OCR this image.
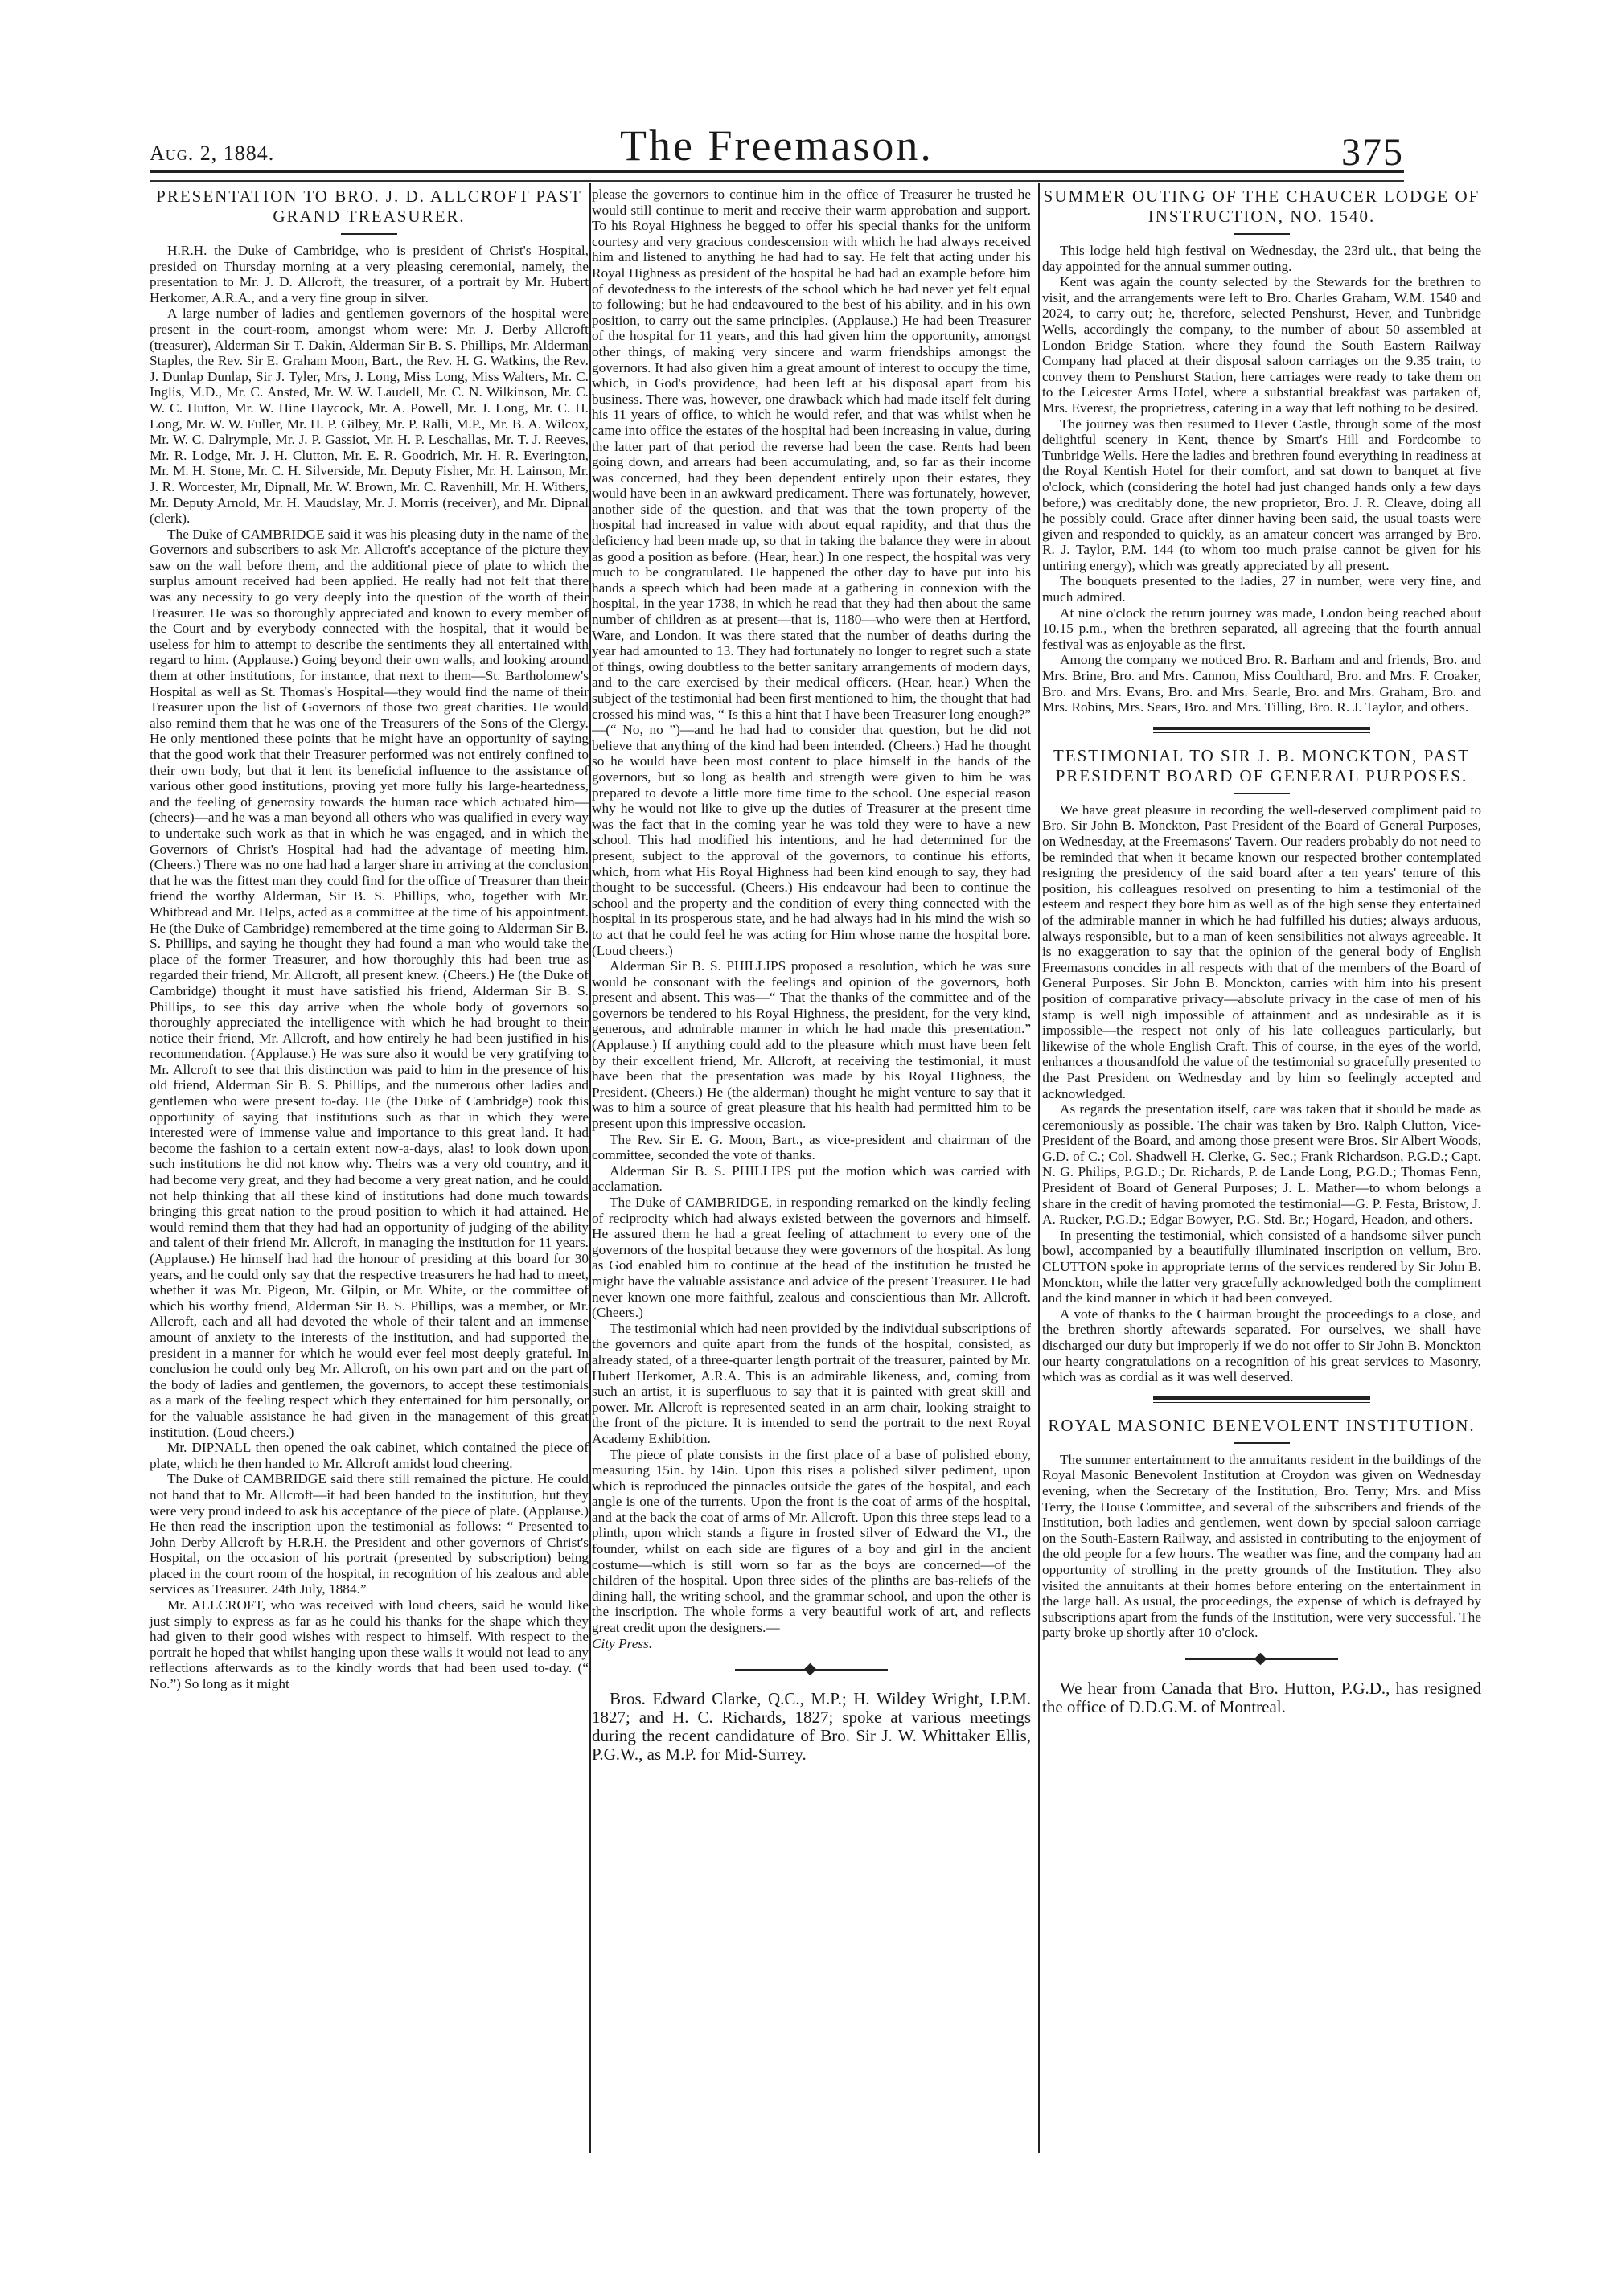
Aug. 2, 1884.	The Freemason.	375
PRESENTATION TO BRO. J. D. ALLCROFT PAST GRAND TREASURER.

H.R.H. the Duke of Cambridge, who is president of Christ's Hospital, presided on Thursday morning at a very pleasing ceremonial, namely, the presentation to Mr. J. D. Allcroft, the treasurer, of a portrait by Mr. Hubert Herkomer, A.R.A., and a very fine group in silver.

A large number of ladies and gentlemen governors of the hospital were present in the court-room, amongst whom were: Mr. J. Derby Allcroft (treasurer), Alderman Sir T. Dakin, Alderman Sir B. S. Phillips, Mr. Alderman Staples, the Rev. Sir E. Graham Moon, Bart., the Rev. H. G. Watkins, the Rev. J. Dunlap Dunlap, Sir J. Tyler, Mrs, J. Long, Miss Long, Miss Walters, Mr. C. Inglis, M.D., Mr. C. Ansted, Mr. W. W. Laudell, Mr. C. N. Wilkinson, Mr. C. W. C. Hutton, Mr. W. Hine Haycock, Mr. A. Powell, Mr. J. Long, Mr. C. H. Long, Mr. W. W. Fuller, Mr. H. P. Gilbey, Mr. P. Ralli, M.P., Mr. B. A. Wilcox, Mr. W. C. Dalrymple, Mr. J. P. Gassiot, Mr. H. P. Leschallas, Mr. T. J. Reeves, Mr. R. Lodge, Mr. J. H. Clutton, Mr. E. R. Goodrich, Mr. H. R. Everington, Mr. M. H. Stone, Mr. C. H. Silverside, Mr. Deputy Fisher, Mr. H. Lainson, Mr. J. R. Worcester, Mr, Dipnall, Mr. W. Brown, Mr. C. Ravenhill, Mr. H. Withers, Mr. Deputy Arnold, Mr. H. Maudslay, Mr. J. Morris (receiver), and Mr. Dipnal (clerk).

The Duke of CAMBRIDGE said it was his pleasing duty in the name of the Governors and subscribers to ask Mr. Allcroft's acceptance of the picture they saw on the wall before them, and the additional piece of plate to which the surplus amount received had been applied. He really had not felt that there was any necessity to go very deeply into the question of the worth of their Treasurer. He was so thoroughly appreciated and known to every member of the Court and by everybody connected with the hospital, that it would be useless for him to attempt to describe the sentiments they all entertained with regard to him. (Applause.) Going beyond their own walls, and looking around them at other institutions, for instance, that next to them—St. Bartholomew's Hospital as well as St. Thomas's Hospital—they would find the name of their Treasurer upon the list of Governors of those two great charities. He would also remind them that he was one of the Treasurers of the Sons of the Clergy. He only mentioned these points that he might have an opportunity of saying that the good work that their Treasurer performed was not entirely confined to their own body, but that it lent its beneficial influence to the assistance of various other good institutions, proving yet more fully his large-heartedness, and the feeling of generosity towards the human race which actuated him—(cheers)—and he was a man beyond all others who was qualified in every way to undertake such work as that in which he was engaged, and in which the Governors of Christ's Hospital had had the advantage of meeting him. (Cheers.) There was no one had had a larger share in arriving at the conclusion that he was the fittest man they could find for the office of Treasurer than their friend the worthy Alderman, Sir B. S. Phillips, who, together with Mr. Whitbread and Mr. Helps, acted as a committee at the time of his appointment. He (the Duke of Cambridge) remembered at the time going to Alderman Sir B. S. Phillips, and saying he thought they had found a man who would take the place of the former Treasurer, and how thoroughly this had been true as regarded their friend, Mr. Allcroft, all present knew. (Cheers.) He (the Duke of Cambridge) thought it must have satisfied his friend, Alderman Sir B. S. Phillips, to see this day arrive when the whole body of governors so thoroughly appreciated the intelligence with which he had brought to their notice their friend, Mr. Allcroft, and how entirely he had been justified in his recommendation. (Applause.) He was sure also it would be very gratifying to Mr. Allcroft to see that this distinction was paid to him in the presence of his old friend, Alderman Sir B. S. Phillips, and the numerous other ladies and gentlemen who were present to-day. He (the Duke of Cambridge) took this opportunity of saying that institutions such as that in which they were interested were of immense value and importance to this great land. It had become the fashion to a certain extent now-a-days, alas! to look down upon such institutions he did not know why. Theirs was a very old country, and it had become very great, and they had become a very great nation, and he could not help thinking that all these kind of institutions had done much towards bringing this great nation to the proud position to which it had attained. He would remind them that they had had an opportunity of judging of the ability and talent of their friend Mr. Allcroft, in managing the institution for 11 years. (Applause.) He himself had had the honour of presiding at this board for 30 years, and he could only say that the respective treasurers he had had to meet, whether it was Mr. Pigeon, Mr. Gilpin, or Mr. White, or the committee of which his worthy friend, Alderman Sir B. S. Phillips, was a member, or Mr. Allcroft, each and all had devoted the whole of their talent and an immense amount of anxiety to the interests of the institution, and had supported the president in a manner for which he would ever feel most deeply grateful. In conclusion he could only beg Mr. Allcroft, on his own part and on the part of the body of ladies and gentlemen, the governors, to accept these testimonials as a mark of the feeling respect which they entertained for him personally, or for the valuable assistance he had given in the management of this great institution. (Loud cheers.)

Mr. DIPNALL then opened the oak cabinet, which contained the piece of plate, which he then handed to Mr. Allcroft amidst loud cheering.

The Duke of CAMBRIDGE said there still remained the picture. He could not hand that to Mr. Allcroft—it had been handed to the institution, but they were very proud indeed to ask his acceptance of the piece of plate. (Applause.) He then read the inscription upon the testimonial as follows: “ Presented to John Derby Allcroft by H.R.H. the President and other governors of Christ's Hospital, on the occasion of his portrait (presented by subscription) being placed in the court room of the hospital, in recognition of his zealous and able services as Treasurer. 24th July, 1884.”

Mr. ALLCROFT, who was received with loud cheers, said he would like just simply to express as far as he could his thanks for the shape which they had given to their good wishes with respect to himself. With respect to the portrait he hoped that whilst hanging upon these walls it would not lead to any reflections afterwards as to the kindly words that had been used to-day. (“ No.”) So long as it might

please the governors to continue him in the office of Treasurer he trusted he would still continue to merit and receive their warm approbation and support. To his Royal Highness he begged to offer his special thanks for the uniform courtesy and very gracious condescension with which he had always received him and listened to anything he had had to say. He felt that acting under his Royal Highness as president of the hospital he had had an example before him of devotedness to the interests of the school which he had never yet felt equal to following; but he had endeavoured to the best of his ability, and in his own position, to carry out the same principles. (Applause.) He had been Treasurer of the hospital for 11 years, and this had given him the opportunity, amongst other things, of making very sincere and warm friendships amongst the governors. It had also given him a great amount of interest to occupy the time, which, in God's providence, had been left at his disposal apart from his business. There was, however, one drawback which had made itself felt during his 11 years of office, to which he would refer, and that was whilst when he came into office the estates of the hospital had been increasing in value, during the latter part of that period the reverse had been the case. Rents had been going down, and arrears had been accumulating, and, so far as their income was concerned, had they been dependent entirely upon their estates, they would have been in an awkward predicament. There was fortunately, however, another side of the question, and that was that the town property of the hospital had increased in value with about equal rapidity, and that thus the deficiency had been made up, so that in taking the balance they were in about as good a position as before. (Hear, hear.) In one respect, the hospital was very much to be congratulated. He happened the other day to have put into his hands a speech which had been made at a gathering in connexion with the hospital, in the year 1738, in which he read that they had then about the same number of children as at present—that is, 1180—who were then at Hertford, Ware, and London. It was there stated that the number of deaths during the year had amounted to 13. They had fortunately no longer to regret such a state of things, owing doubtless to the better sanitary arrangements of modern days, and to the care exercised by their medical officers. (Hear, hear.) When the subject of the testimonial had been first mentioned to him, the thought that had crossed his mind was, “ Is this a hint that I have been Treasurer long enough?” —(“ No, no ”)—and he had had to consider that question, but he did not believe that anything of the kind had been intended. (Cheers.) Had he thought so he would have been most content to place himself in the hands of the governors, but so long as health and strength were given to him he was prepared to devote a little more time time to the school. One especial reason why he would not like to give up the duties of Treasurer at the present time was the fact that in the coming year he was told they were to have a new school. This had modified his intentions, and he had determined for the present, subject to the approval of the governors, to continue his efforts, which, from what His Royal Highness had been kind enough to say, they had thought to be successful. (Cheers.) His endeavour had been to continue the school and the property and the condition of every thing connected with the hospital in its prosperous state, and he had always had in his mind the wish so to act that he could feel he was acting for Him whose name the hospital bore. (Loud cheers.)

Alderman Sir B. S. PHILLIPS proposed a resolution, which he was sure would be consonant with the feelings and opinion of the governors, both present and absent. This was—“ That the thanks of the committee and of the governors be tendered to his Royal Highness, the president, for the very kind, generous, and admirable manner in which he had made this presentation.” (Applause.) If anything could add to the pleasure which must have been felt by their excellent friend, Mr. Allcroft, at receiving the testimonial, it must have been that the presentation was made by his Royal Highness, the President. (Cheers.) He (the alderman) thought he might venture to say that it was to him a source of great pleasure that his health had permitted him to be present upon this impressive occasion.

The Rev. Sir E. G. Moon, Bart., as vice-president and chairman of the committee, seconded the vote of thanks.

Alderman Sir B. S. PHILLIPS put the motion which was carried with acclamation.

The Duke of CAMBRIDGE, in responding remarked on the kindly feeling of reciprocity which had always existed between the governors and himself. He assured them he had a great feeling of attachment to every one of the governors of the hospital because they were governors of the hospital. As long as God enabled him to continue at the head of the institution he trusted he might have the valuable assistance and advice of the present Treasurer. He had never known one more faithful, zealous and conscientious than Mr. Allcroft. (Cheers.)

The testimonial which had neen provided by the individual subscriptions of the governors and quite apart from the funds of the hospital, consisted, as already stated, of a three-quarter length portrait of the treasurer, painted by Mr. Hubert Herkomer, A.R.A. This is an admirable likeness, and, coming from such an artist, it is superfluous to say that it is painted with great skill and power. Mr. Allcroft is represented seated in an arm chair, looking straight to the front of the picture. It is intended to send the portrait to the next Royal Academy Exhibition.

The piece of plate consists in the first place of a base of polished ebony, measuring 15in. by 14in. Upon this rises a polished silver pediment, upon which is reproduced the pinnacles outside the gates of the hospital, and each angle is one of the turrents. Upon the front is the coat of arms of the hospital, and at the back the coat of arms of Mr. Allcroft. Upon this three steps lead to a plinth, upon which stands a figure in frosted silver of Edward the VI., the founder, whilst on each side are figures of a boy and girl in the ancient costume—which is still worn so far as the boys are concerned—of the children of the hospital. Upon three sides of the plinths are bas-reliefs of the dining hall, the writing school, and the grammar school, and upon the other is the inscription. The whole forms a very beautiful work of art, and reflects great credit upon the designers.—

City Press.

Bros. Edward Clarke, Q.C., M.P.; H. Wildey Wright, I.P.M. 1827; and H. C. Richards, 1827; spoke at various meetings during the recent candidature of Bro. Sir J. W. Whittaker Ellis, P.G.W., as M.P. for Mid-Surrey.

SUMMER OUTING OF THE CHAUCER LODGE OF INSTRUCTION, NO. 1540.

This lodge held high festival on Wednesday, the 23rd ult., that being the day appointed for the annual summer outing.

Kent was again the county selected by the Stewards for the brethren to visit, and the arrangements were left to Bro. Charles Graham, W.M. 1540 and 2024, to carry out; he, therefore, selected Penshurst, Hever, and Tunbridge Wells, accordingly the company, to the number of about 50 assembled at London Bridge Station, where they found the South Eastern Railway Company had placed at their disposal saloon carriages on the 9.35 train, to convey them to Penshurst Station, here carriages were ready to take them on to the Leicester Arms Hotel, where a substantial breakfast was partaken of, Mrs. Everest, the proprietress, catering in a way that left nothing to be desired.

The journey was then resumed to Hever Castle, through some of the most delightful scenery in Kent, thence by Smart's Hill and Fordcombe to Tunbridge Wells. Here the ladies and brethren found everything in readiness at the Royal Kentish Hotel for their comfort, and sat down to banquet at five o'clock, which (considering the hotel had just changed hands only a few days before,) was creditably done, the new proprietor, Bro. J. R. Cleave, doing all he possibly could. Grace after dinner having been said, the usual toasts were given and responded to quickly, as an amateur concert was arranged by Bro. R. J. Taylor, P.M. 144 (to whom too much praise cannot be given for his untiring energy), which was greatly appreciated by all present.

The bouquets presented to the ladies, 27 in number, were very fine, and much admired.

At nine o'clock the return journey was made, London being reached about 10.15 p.m., when the brethren separated, all agreeing that the fourth annual festival was as enjoyable as the first.

Among the company we noticed Bro. R. Barham and and friends, Bro. and Mrs. Brine, Bro. and Mrs. Cannon, Miss Coulthard, Bro. and Mrs. F. Croaker, Bro. and Mrs. Evans, Bro. and Mrs. Searle, Bro. and Mrs. Graham, Bro. and Mrs. Robins, Mrs. Sears, Bro. and Mrs. Tilling, Bro. R. J. Taylor, and others.

TESTIMONIAL TO SIR J. B. MONCKTON, PAST PRESIDENT BOARD OF GENERAL PURPOSES.

We have great pleasure in recording the well-deserved compliment paid to Bro. Sir John B. Monckton, Past President of the Board of General Purposes, on Wednesday, at the Freemasons' Tavern. Our readers probably do not need to be reminded that when it became known our respected brother contemplated resigning the presidency of the said board after a ten years' tenure of this position, his colleagues resolved on presenting to him a testimonial of the esteem and respect they bore him as well as of the high sense they entertained of the admirable manner in which he had fulfilled his duties; always arduous, always responsible, but to a man of keen sensibilities not always agreeable. It is no exaggeration to say that the opinion of the general body of English Freemasons concides in all respects with that of the members of the Board of General Purposes. Sir John B. Monckton, carries with him into his present position of comparative privacy—absolute privacy in the case of men of his stamp is well nigh impossible of attainment and as undesirable as it is impossible—the respect not only of his late colleagues particularly, but likewise of the whole English Craft. This of course, in the eyes of the world, enhances a thousandfold the value of the testimonial so gracefully presented to the Past President on Wednesday and by him so feelingly accepted and acknowledged.

As regards the presentation itself, care was taken that it should be made as ceremoniously as possible. The chair was taken by Bro. Ralph Clutton, Vice-President of the Board, and among those present were Bros. Sir Albert Woods, G.D. of C.; Col. Shadwell H. Clerke, G. Sec.; Frank Richardson, P.G.D.; Capt. N. G. Philips, P.G.D.; Dr. Richards, P. de Lande Long, P.G.D.; Thomas Fenn, President of Board of General Purposes; J. L. Mather—to whom belongs a share in the credit of having promoted the testimonial—G. P. Festa, Bristow, J. A. Rucker, P.G.D.; Edgar Bowyer, P.G. Std. Br.; Hogard, Headon, and others.

In presenting the testimonial, which consisted of a handsome silver punch bowl, accompanied by a beautifully illuminated inscription on vellum, Bro. CLUTTON spoke in appropriate terms of the services rendered by Sir John B. Monckton, while the latter very gracefully acknowledged both the compliment and the kind manner in which it had been conveyed.

A vote of thanks to the Chairman brought the proceedings to a close, and the brethren shortly aftewards separated. For ourselves, we shall have discharged our duty but improperly if we do not offer to Sir John B. Monckton our hearty congratulations on a recognition of his great services to Masonry, which was as cordial as it was well deserved.

ROYAL MASONIC BENEVOLENT INSTITUTION.

The summer entertainment to the annuitants resident in the buildings of the Royal Masonic Benevolent Institution at Croydon was given on Wednesday evening, when the Secretary of the Institution, Bro. Terry; Mrs. and Miss Terry, the House Committee, and several of the subscribers and friends of the Institution, both ladies and gentlemen, went down by special saloon carriage on the South-Eastern Railway, and assisted in contributing to the enjoyment of the old people for a few hours. The weather was fine, and the company had an opportunity of strolling in the pretty grounds of the Institution. They also visited the annuitants at their homes before entering on the entertainment in the large hall. As usual, the proceedings, the expense of which is defrayed by subscriptions apart from the funds of the Institution, were very successful. The party broke up shortly after 10 o'clock.

We hear from Canada that Bro. Hutton, P.G.D., has resigned the office of D.D.G.M. of Montreal.
